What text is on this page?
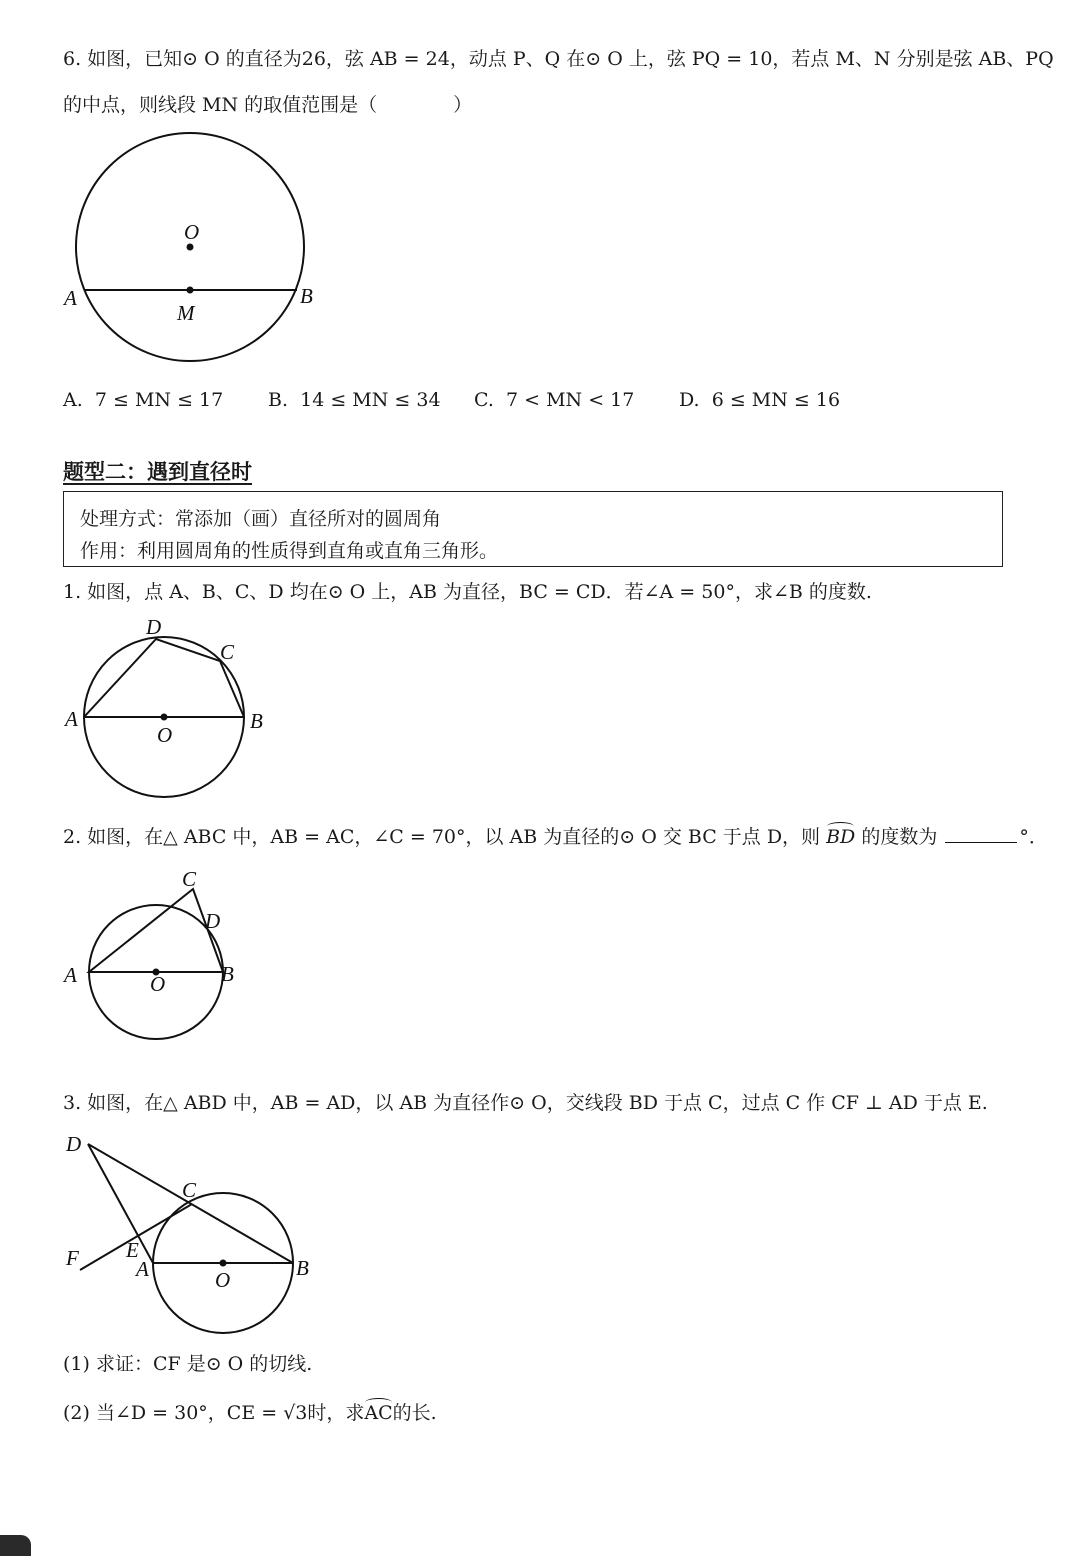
6. 如图，已知⊙ O 的直径为26，弦 AB = 24，动点 P、Q 在⊙ O 上，弦 PQ = 10，若点 M、N 分别是弦 AB、PQ
的中点，则线段 MN 的取值范围是（　　　　）
O
A	B
M
A. 7 ≤ MN ≤ 17 B. 14 ≤ MN ≤ 34 C. 7 < MN < 17 D. 6 ≤ MN ≤ 16
题型二：遇到直径时
处理方式：常添加（画）直径所对的圆周角
作用：利用圆周角的性质得到直角或直角三角形。
1. 如图，点 A、B、C、D 均在⊙ O 上，AB 为直径，BC = CD．若∠A = 50°，求∠B 的度数.
D
C
A	B
O
2. 如图，在△ ABC 中，AB = AC，∠C = 70°，以 AB 为直径的⊙ O 交 BC 于点 D，则 BD 的度数为	°．
C
D
A	O	B
3. 如图，在△ ABD 中，AB = AD，以 AB 为直径作⊙ O，交线段 BD 于点 C，过点 C 作 CF ⊥ AD 于点 E.
D
C
F E
A	O	B
(1) 求证：CF 是⊙ O 的切线.
(2) 当∠D = 30°，CE = √3时，求AC的长.
